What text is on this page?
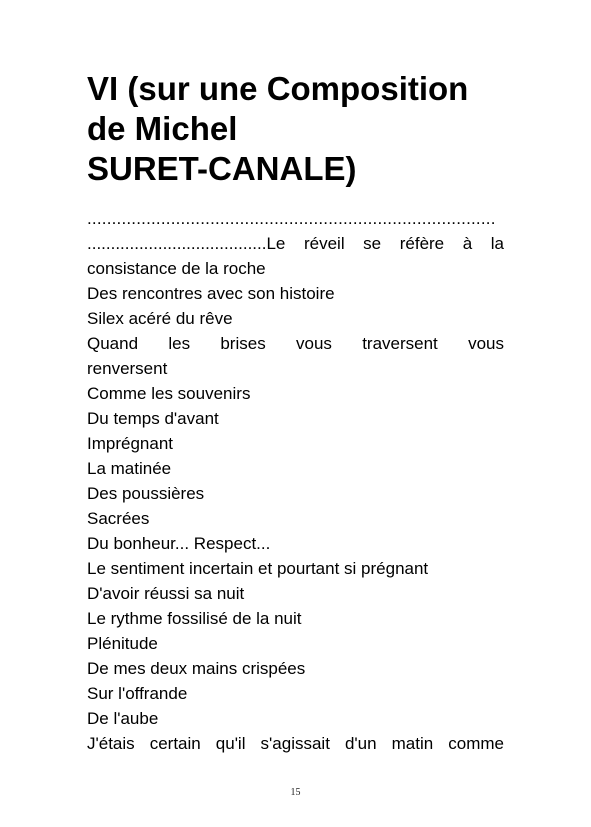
VI (sur une Composition
de Michel
SURET-CANALE)
...................................................................................
......................................Le réveil se réfère à la
consistance de la roche
Des rencontres avec son histoire
Silex acéré du rêve
Quand les brises vous traversent vous
renversent
Comme les souvenirs
Du temps d'avant
Imprégnant
La matinée
Des poussières
Sacrées
Du bonheur... Respect...
Le sentiment incertain et pourtant si prégnant
D'avoir réussi sa nuit
Le rythme fossilisé de la nuit
Plénitude
De mes deux mains crispées
Sur l'offrande
De l'aube
J'étais certain qu'il s'agissait d'un matin comme
15
